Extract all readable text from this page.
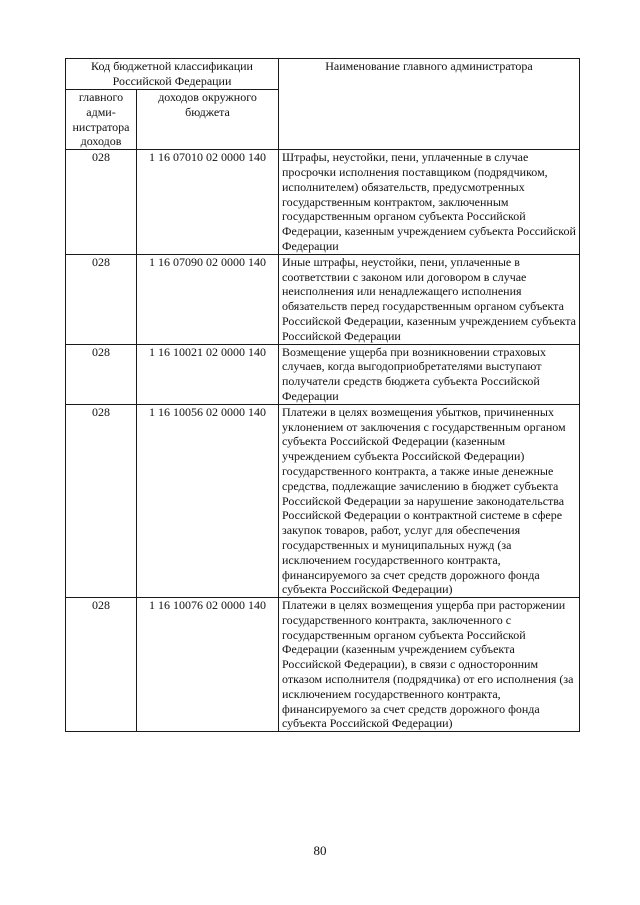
Код бюджетной классификации Российской Федерации		Наименование главного администратора
главного адми-нистратора доходов	доходов окружного бюджета	
028	1 16 07010 02 0000 140	Штрафы, неустойки, пени, уплаченные в случае просрочки исполнения поставщиком (подрядчиком, исполнителем) обязательств, предусмотренных государственным контрактом, заключенным государственным органом субъекта Российской Федерации, казенным учреждением субъекта Российской Федерации
028	1 16 07090 02 0000 140	Иные штрафы, неустойки, пени, уплаченные в соответствии с законом или договором в случае неисполнения или ненадлежащего исполнения обязательств перед государственным органом субъекта Российской Федерации, казенным учреждением субъекта Российской Федерации
028	1 16 10021 02 0000 140	Возмещение ущерба при возникновении страховых случаев, когда выгодоприобретателями выступают получатели средств бюджета субъекта Российской Федерации
028	1 16 10056 02 0000 140	Платежи в целях возмещения убытков, причиненных уклонением от заключения с государственным органом субъекта Российской Федерации (казенным учреждением субъекта Российской Федерации) государственного контракта, а также иные денежные средства, подлежащие зачислению в бюджет субъекта Российской Федерации за нарушение законодательства Российской Федерации о контрактной системе в сфере закупок товаров, работ, услуг для обеспечения государственных и муниципальных нужд (за исключением государственного контракта, финансируемого за счет средств дорожного фонда субъекта Российской Федерации)
028	1 16 10076 02 0000 140	Платежи в целях возмещения ущерба при расторжении государственного контракта, заключенного с государственным органом субъекта Российской Федерации (казенным учреждением субъекта Российской Федерации), в связи с односторонним отказом исполнителя (подрядчика) от его исполнения (за исключением государственного контракта, финансируемого за счет средств дорожного фонда субъекта Российской Федерации)
80
